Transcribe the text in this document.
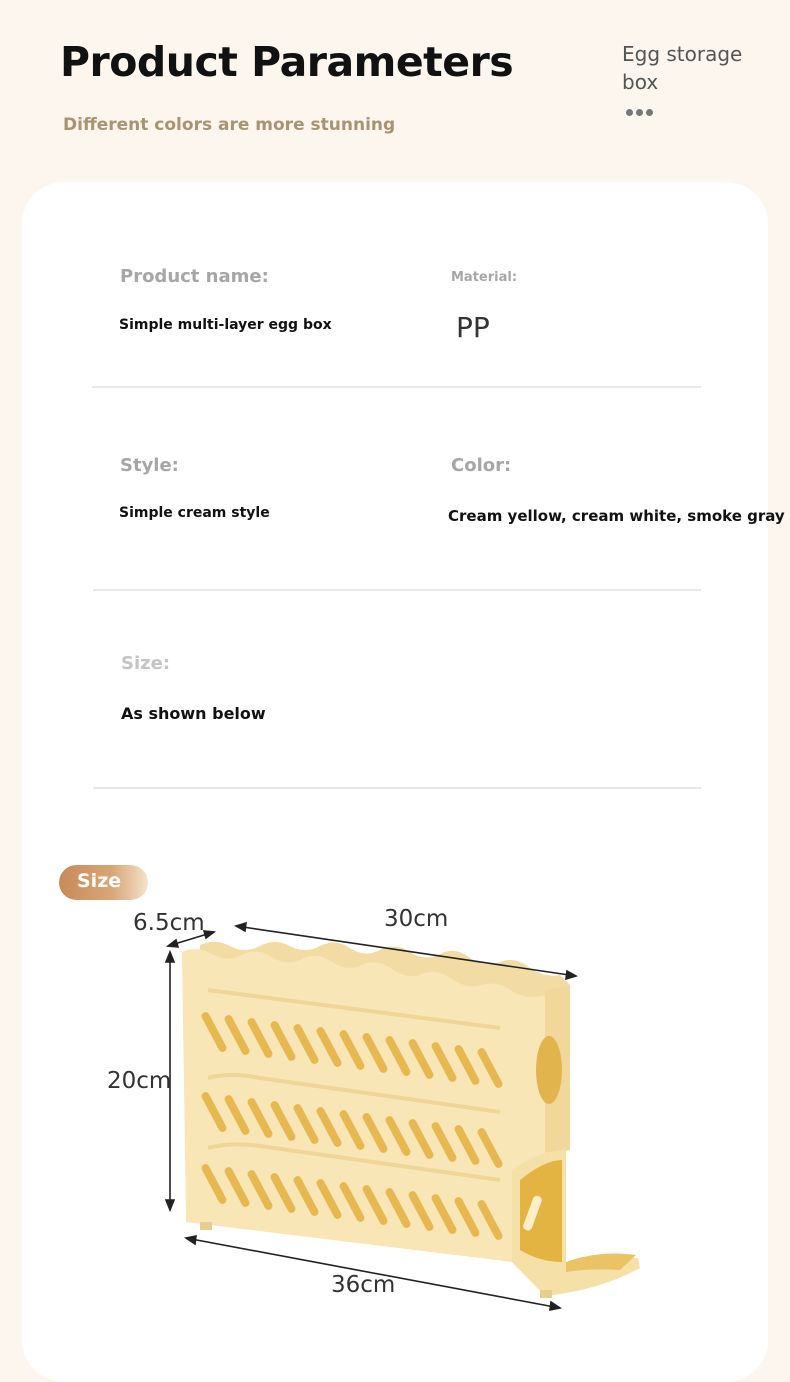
Product Parameters
Different colors are more stunning
Egg storage box
Product name:
Simple multi-layer egg box
Material:
PP
Style:
Simple cream style
Color:
Cream yellow, cream white, smoke gray
Size:
As shown below
Size
6.5cm	30cm
20cm
36cm
